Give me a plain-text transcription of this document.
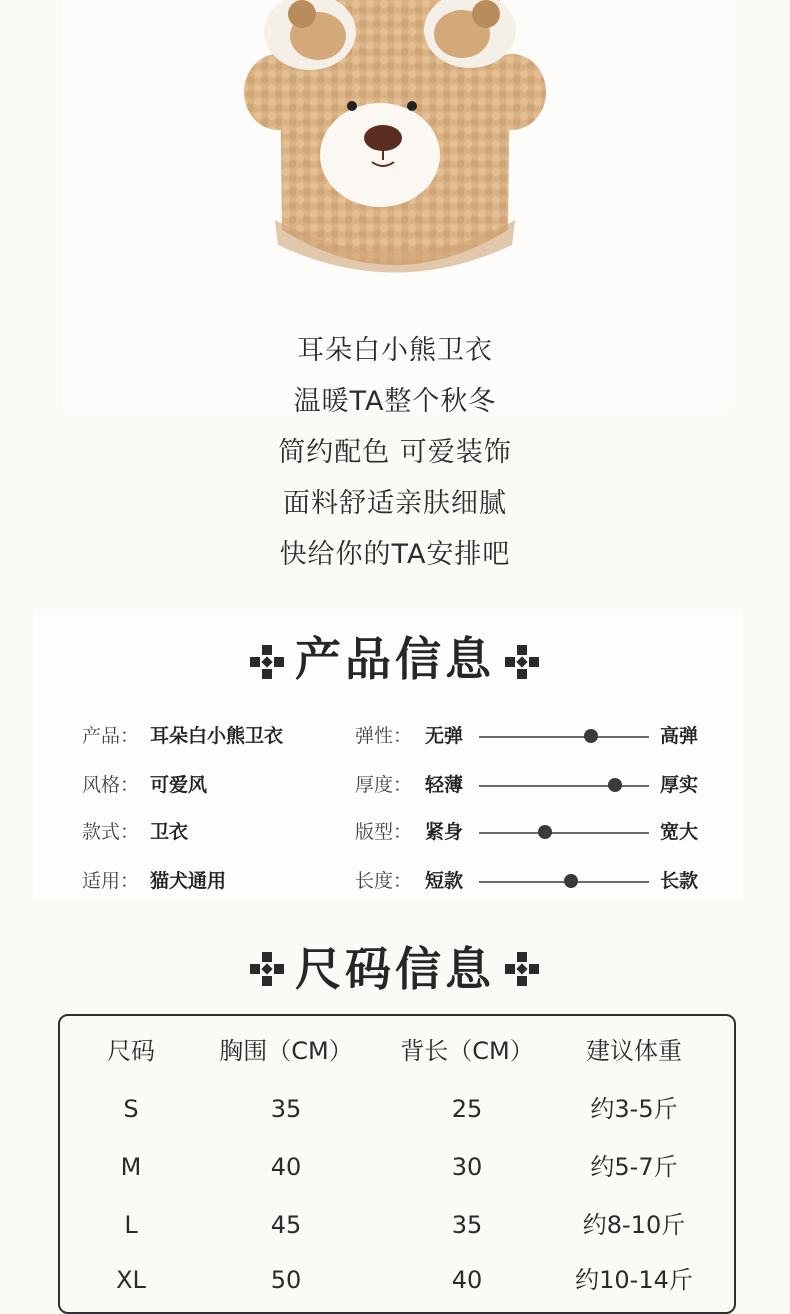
耳朵白小熊卫衣
温暖TA整个秋冬
简约配色 可爱装饰
面料舒适亲肤细腻
快给你的TA安排吧
产品信息
产品： 耳朵白小熊卫衣
风格： 可爱风
款式： 卫衣
适用： 猫犬通用
弹性： 无弹	高弹
厚度： 轻薄	厚实
版型： 紧身	宽大
长度： 短款	长款
尺码信息
尺码	胸围（CM） 背长（CM） 建议体重
S	35	25	约3-5斤
M	40	30	约5-7斤
L	45	35	约8-10斤
XL	50	40	约10-14斤
